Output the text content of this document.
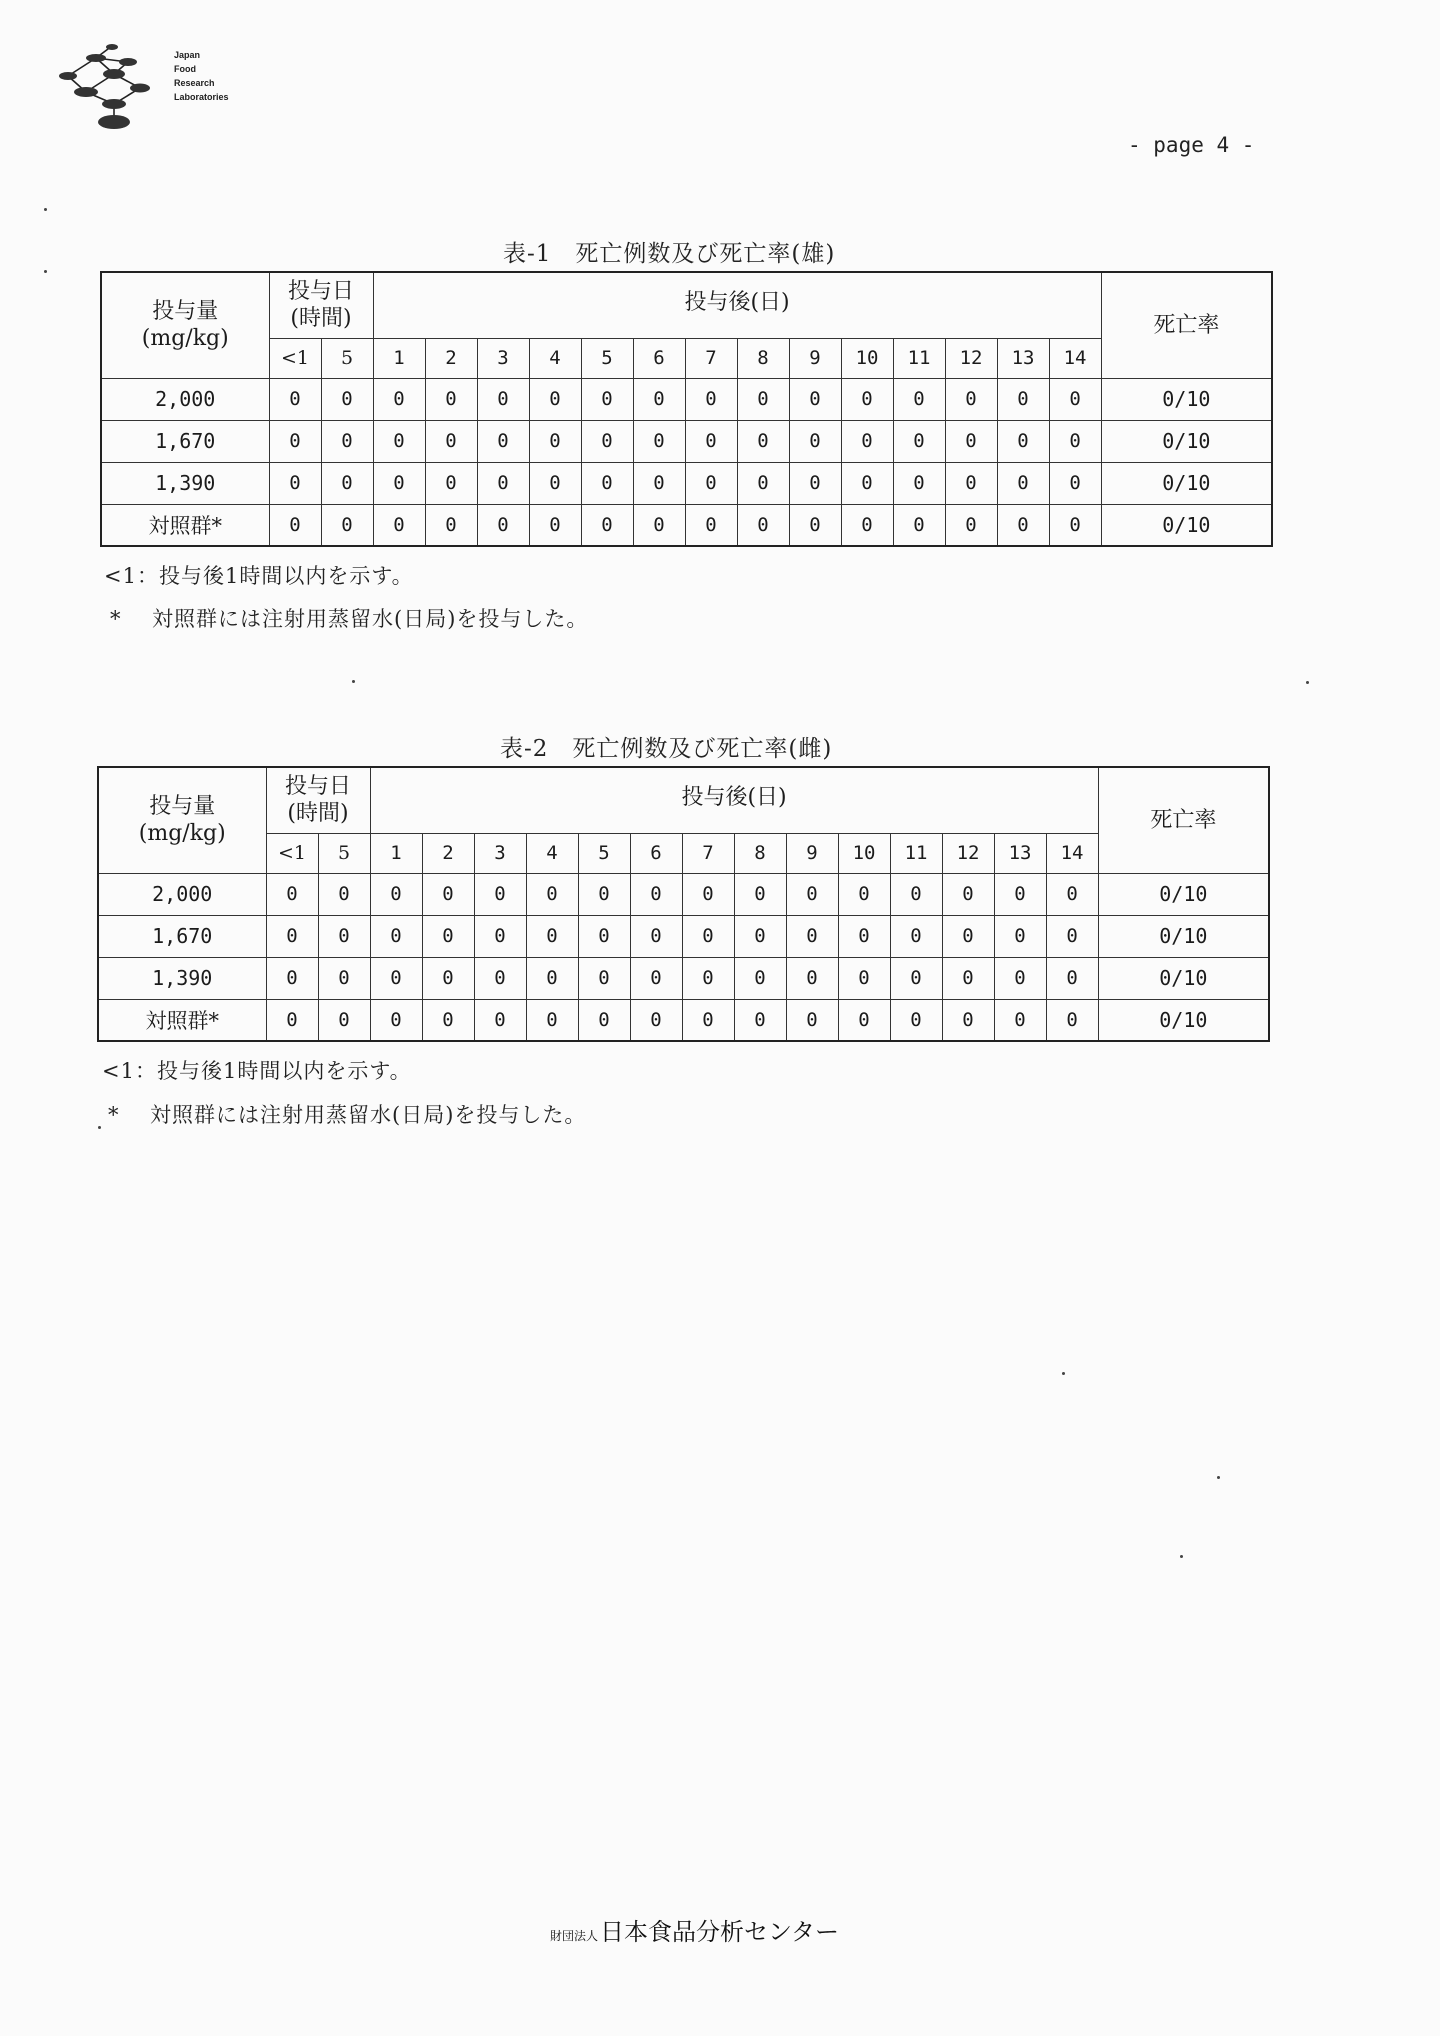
Japan
Food
Research
Laboratories
- page 4 -
表-1　死亡例数及び死亡率(雄)
投与量
(mg/kg)	投与日
(時間)		投与後(日)														死亡率
	<1	5	1	2	3	4	5	6	7	8	9	10	11	12	13	14	
2,000	0	0	0	0	0	0	0	0	0	0	0	0	0	0	0	0	0/10
1,670	0	0	0	0	0	0	0	0	0	0	0	0	0	0	0	0	0/10
1,390	0	0	0	0	0	0	0	0	0	0	0	0	0	0	0	0	0/10
対照群*	0	0	0	0	0	0	0	0	0	0	0	0	0	0	0	0	0/10
<1：投与後1時間以内を示す。
* 対照群には注射用蒸留水(日局)を投与した。
表-2　死亡例数及び死亡率(雌)
投与量
(mg/kg)	投与日
(時間)		投与後(日)														死亡率
	<1	5	1	2	3	4	5	6	7	8	9	10	11	12	13	14	
2,000	0	0	0	0	0	0	0	0	0	0	0	0	0	0	0	0	0/10
1,670	0	0	0	0	0	0	0	0	0	0	0	0	0	0	0	0	0/10
1,390	0	0	0	0	0	0	0	0	0	0	0	0	0	0	0	0	0/10
対照群*	0	0	0	0	0	0	0	0	0	0	0	0	0	0	0	0	0/10
<1：投与後1時間以内を示す。
* 対照群には注射用蒸留水(日局)を投与した。
財団法人日本食品分析センター
